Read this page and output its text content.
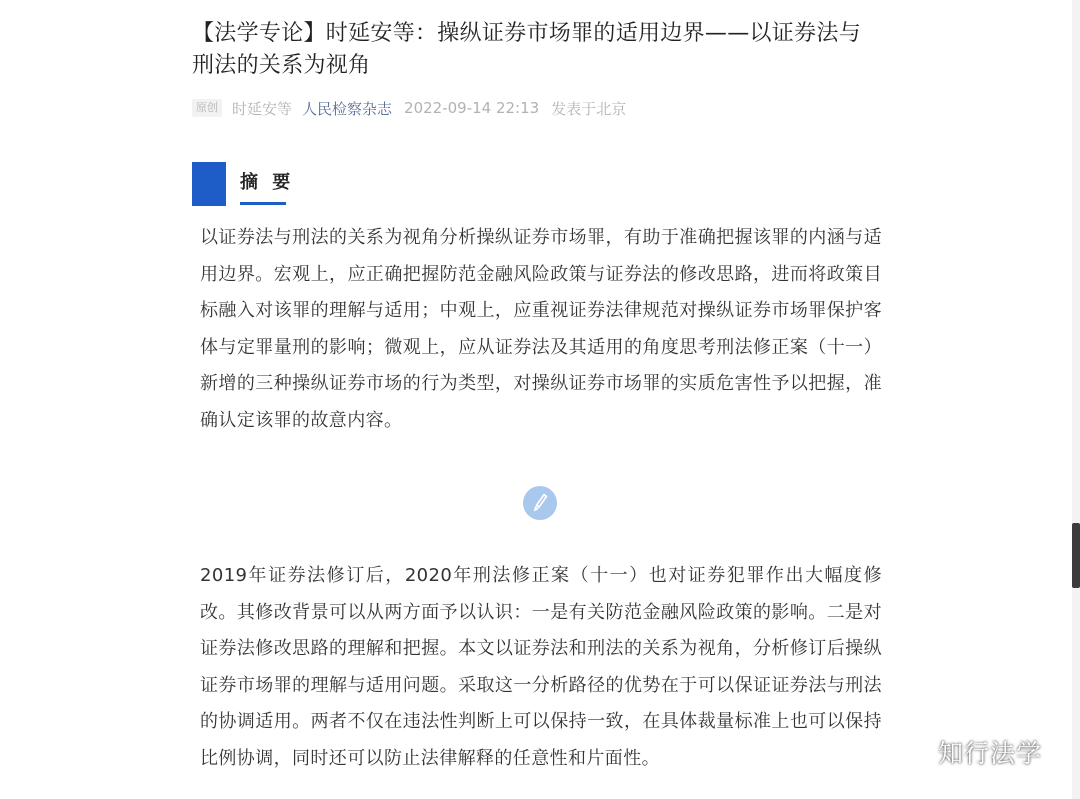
【法学专论】时延安等：操纵证券市场罪的适用边界——以证券法与刑法的关系为视角
原创 时延安等 人民检察杂志 2022-09-14 22:13 发表于北京
摘 要

以证券法与刑法的关系为视角分析操纵证券市场罪，有助于准确把握该罪的内涵与适用边界。宏观上，应正确把握防范金融风险政策与证券法的修改思路，进而将政策目标融入对该罪的理解与适用；中观上，应重视证券法律规范对操纵证券市场罪保护客体与定罪量刑的影响；微观上，应从证券法及其适用的角度思考刑法修正案（十一）新增的三种操纵证券市场的行为类型，对操纵证券市场罪的实质危害性予以把握，准确认定该罪的故意内容。

2019年证券法修订后，2020年刑法修正案（十一）也对证券犯罪作出大幅度修改。其修改背景可以从两方面予以认识：一是有关防范金融风险政策的影响。二是对证券法修改思路的理解和把握。本文以证券法和刑法的关系为视角，分析修订后操纵证券市场罪的理解与适用问题。采取这一分析路径的优势在于可以保证证券法与刑法的协调适用。两者不仅在违法性判断上可以保持一致，在具体裁量标准上也可以保持比例协调，同时还可以防止法律解释的任意性和片面性。	知行法学
